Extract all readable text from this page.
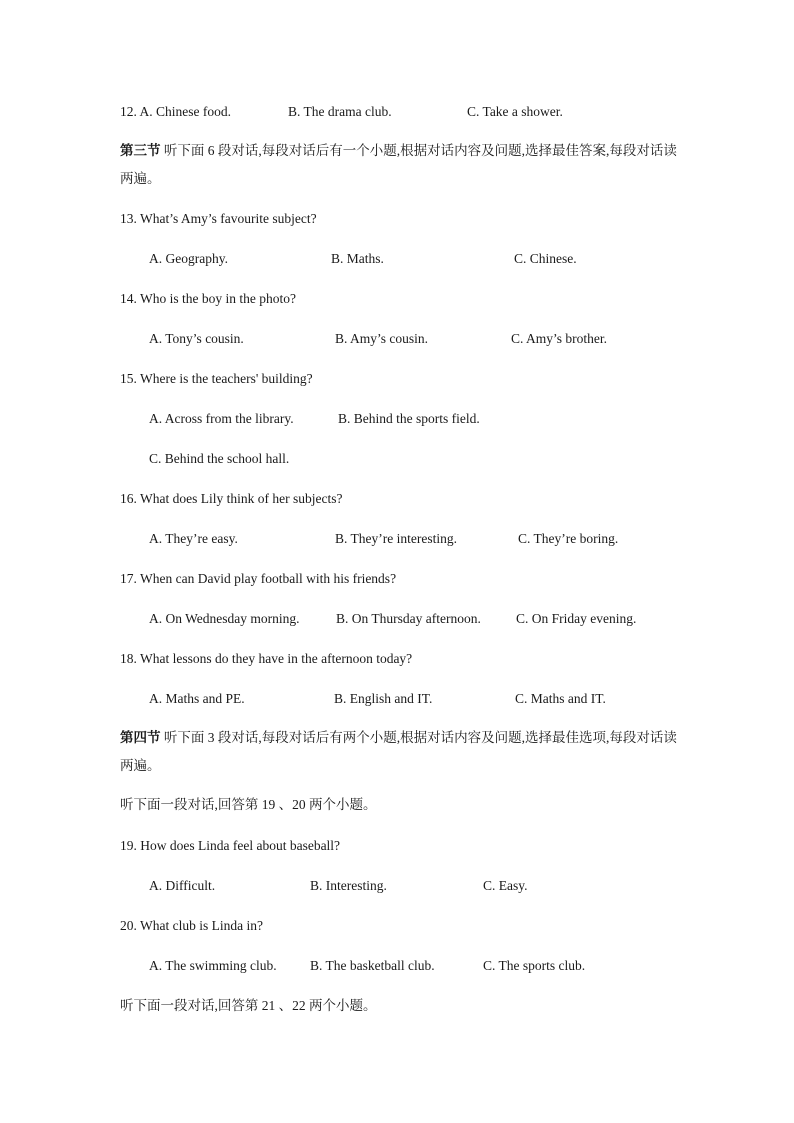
12. A. Chinese food.	B. The drama club.	C. Take a shower.
第三节 听下面 6 段对话,每段对话后有一个小题,根据对话内容及问题,选择最佳答案,每段对话读两遍。
13. What’s Amy’s favourite subject?
A. Geography.	B. Maths.	C. Chinese.
14. Who is the boy in the photo?
A. Tony’s cousin.	B. Amy’s cousin.	C. Amy’s brother.
15. Where is the teachers' building?
A. Across from the library.	B. Behind the sports field.
C. Behind the school hall.
16. What does Lily think of her subjects?
A. They’re easy.	B. They’re interesting.	C. They’re boring.
17. When can David play football with his friends?
A. On Wednesday morning.	B. On Thursday afternoon.	C. On Friday evening.
18. What lessons do they have in the afternoon today?
A. Maths and PE.	B. English and IT.	C. Maths and IT.
第四节 听下面 3 段对话,每段对话后有两个小题,根据对话内容及问题,选择最佳选项,每段对话读两遍。
听下面一段对话,回答第 19 、20 两个小题。
19. How does Linda feel about baseball?
A. Difficult.	B. Interesting.	C. Easy.
20. What club is Linda in?
A. The swimming club. B. The basketball club.	C. The sports club.
听下面一段对话,回答第 21 、22 两个小题。
